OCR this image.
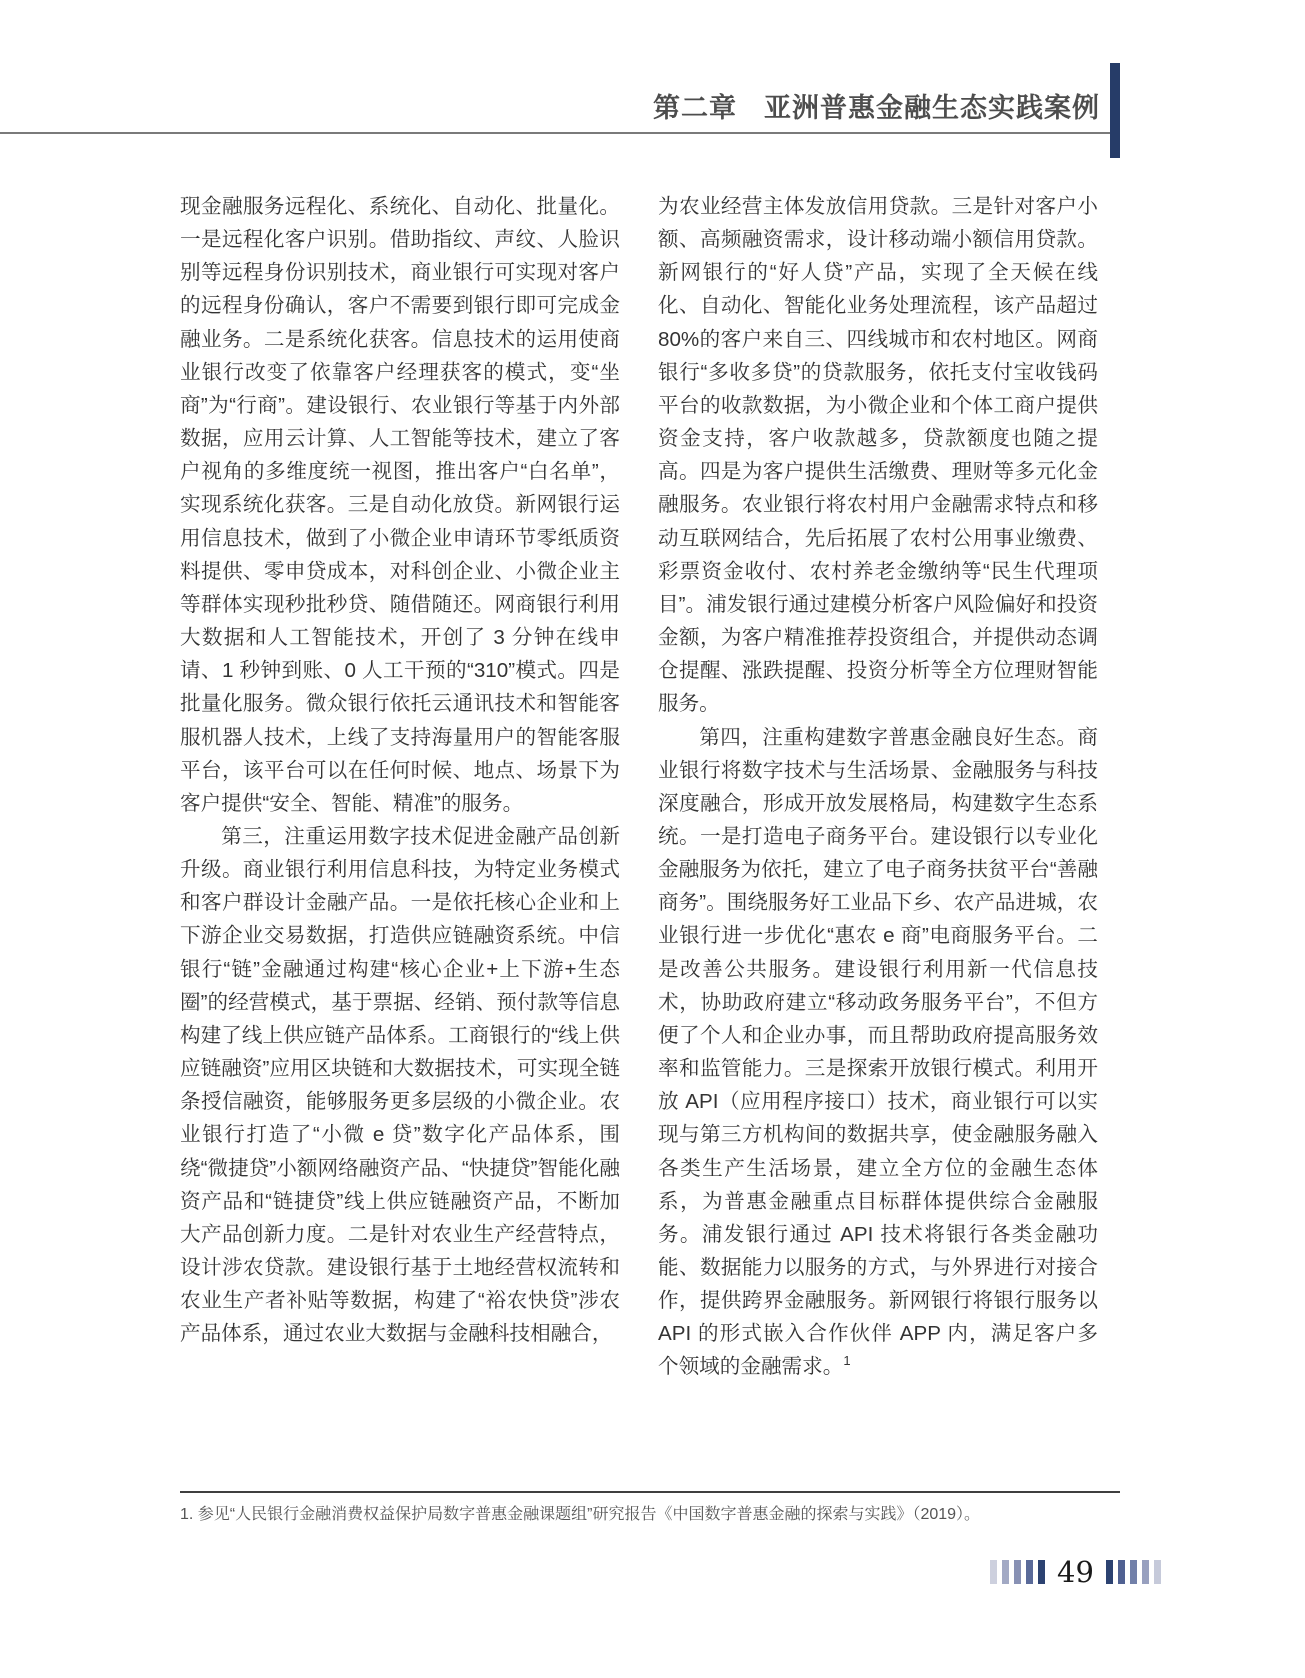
第二章 亚洲普惠金融生态实践案例

现金融服务远程化、系统化、自动化、批量化。一是远程化客户识别。借助指纹、声纹、人脸识别等远程身份识别技术，商业银行可实现对客户的远程身份确认，客户不需要到银行即可完成金融业务。二是系统化获客。信息技术的运用使商业银行改变了依靠客户经理获客的模式，变“坐商”为“行商”。建设银行、农业银行等基于内外部数据，应用云计算、人工智能等技术，建立了客户视角的多维度统一视图，推出客户“白名单”，实现系统化获客。三是自动化放贷。新网银行运用信息技术，做到了小微企业申请环节零纸质资料提供、零申贷成本，对科创企业、小微企业主等群体实现秒批秒贷、随借随还。网商银行利用大数据和人工智能技术，开创了 3 分钟在线申请、1 秒钟到账、0 人工干预的“310”模式。四是批量化服务。微众银行依托云通讯技术和智能客服机器人技术，上线了支持海量用户的智能客服平台，该平台可以在任何时候、地点、场景下为客户提供“安全、智能、精准”的服务。

第三，注重运用数字技术促进金融产品创新升级。商业银行利用信息科技，为特定业务模式和客户群设计金融产品。一是依托核心企业和上下游企业交易数据，打造供应链融资系统。中信银行“链”金融通过构建“核心企业+上下游+生态圈”的经营模式，基于票据、经销、预付款等信息构建了线上供应链产品体系。工商银行的“线上供应链融资”应用区块链和大数据技术，可实现全链条授信融资，能够服务更多层级的小微企业。农业银行打造了“小微 e 贷”数字化产品体系，围绕“微捷贷”小额网络融资产品、“快捷贷”智能化融资产品和“链捷贷”线上供应链融资产品，不断加大产品创新力度。二是针对农业生产经营特点，设计涉农贷款。建设银行基于土地经营权流转和农业生产者补贴等数据，构建了“裕农快贷”涉农产品体系，通过农业大数据与金融科技相融合，

为农业经营主体发放信用贷款。三是针对客户小额、高频融资需求，设计移动端小额信用贷款。新网银行的“好人贷”产品，实现了全天候在线化、自动化、智能化业务处理流程，该产品超过 80%的客户来自三、四线城市和农村地区。网商银行“多收多贷”的贷款服务，依托支付宝收钱码平台的收款数据，为小微企业和个体工商户提供资金支持，客户收款越多，贷款额度也随之提高。四是为客户提供生活缴费、理财等多元化金融服务。农业银行将农村用户金融需求特点和移动互联网结合，先后拓展了农村公用事业缴费、彩票资金收付、农村养老金缴纳等“民生代理项目”。浦发银行通过建模分析客户风险偏好和投资金额，为客户精准推荐投资组合，并提供动态调仓提醒、涨跌提醒、投资分析等全方位理财智能服务。

第四，注重构建数字普惠金融良好生态。商业银行将数字技术与生活场景、金融服务与科技深度融合，形成开放发展格局，构建数字生态系统。一是打造电子商务平台。建设银行以专业化金融服务为依托，建立了电子商务扶贫平台“善融商务”。围绕服务好工业品下乡、农产品进城，农业银行进一步优化“惠农 e 商”电商服务平台。二是改善公共服务。建设银行利用新一代信息技术，协助政府建立“移动政务服务平台”，不但方便了个人和企业办事，而且帮助政府提高服务效率和监管能力。三是探索开放银行模式。利用开放 API（应用程序接口）技术，商业银行可以实现与第三方机构间的数据共享，使金融服务融入各类生产生活场景，建立全方位的金融生态体系，为普惠金融重点目标群体提供综合金融服务。浦发银行通过 API 技术将银行各类金融功能、数据能力以服务的方式，与外界进行对接合作，提供跨界金融服务。新网银行将银行服务以 API 的形式嵌入合作伙伴 APP 内，满足客户多个领域的金融需求。$^1$

1. 参见“人民银行金融消费权益保护局数字普惠金融课题组”研究报告《中国数字普惠金融的探索与实践》（2019）。
49
